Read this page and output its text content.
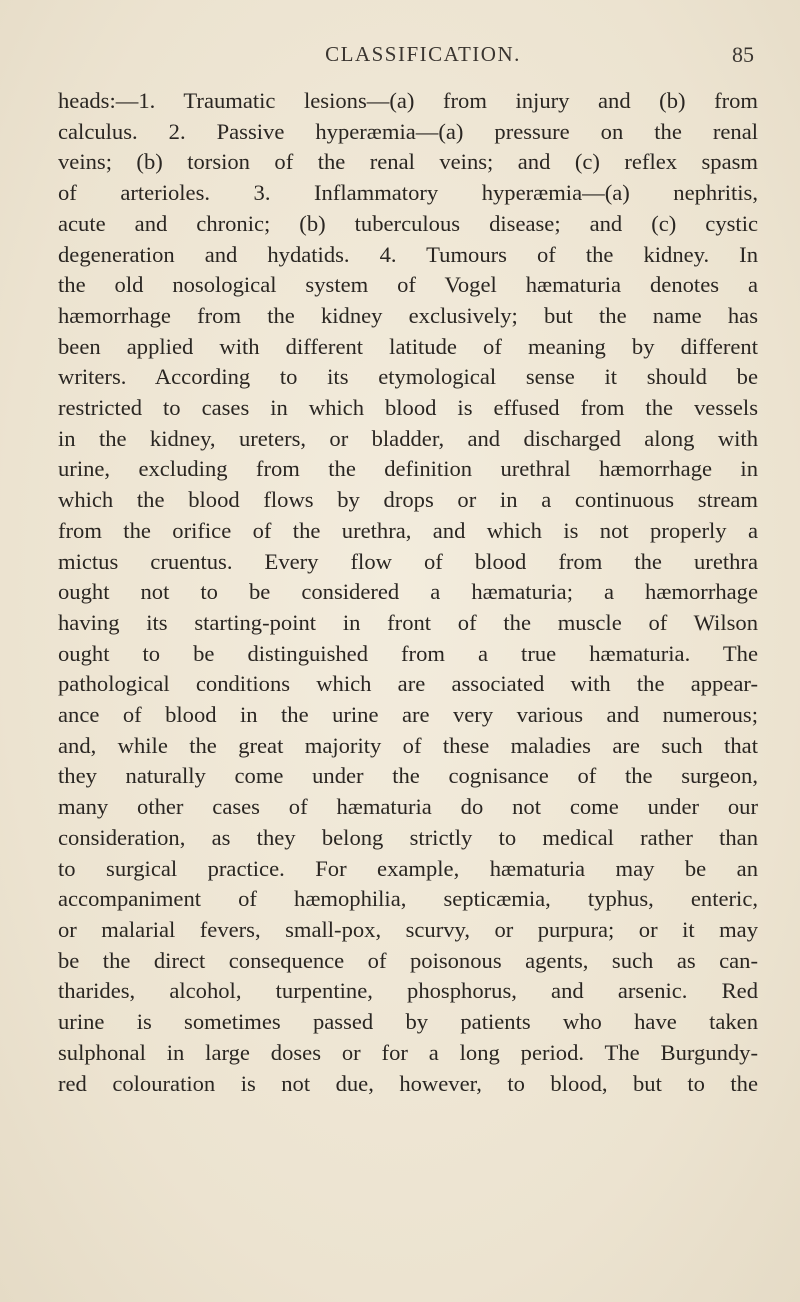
CLASSIFICATION.	85
heads:—1. Traumatic lesions—(a) from injury and (b) from
calculus. 2. Passive hyperæmia—(a) pressure on the renal
veins; (b) torsion of the renal veins; and (c) reflex spasm
of arterioles. 3. Inflammatory hyperæmia—(a) nephritis,
acute and chronic; (b) tuberculous disease; and (c) cystic
degeneration and hydatids. 4. Tumours of the kidney. In
the old nosological system of Vogel hæmaturia denotes a
hæmorrhage from the kidney exclusively; but the name has
been applied with different latitude of meaning by different
writers. According to its etymological sense it should be
restricted to cases in which blood is effused from the vessels
in the kidney, ureters, or bladder, and discharged along with
urine, excluding from the definition urethral hæmorrhage in
which the blood flows by drops or in a continuous stream
from the orifice of the urethra, and which is not properly a
mictus cruentus. Every flow of blood from the urethra
ought not to be considered a hæmaturia; a hæmorrhage
having its starting-point in front of the muscle of Wilson
ought to be distinguished from a true hæmaturia. The
pathological conditions which are associated with the appear-
ance of blood in the urine are very various and numerous;
and, while the great majority of these maladies are such that
they naturally come under the cognisance of the surgeon,
many other cases of hæmaturia do not come under our
consideration, as they belong strictly to medical rather than
to surgical practice. For example, hæmaturia may be an
accompaniment of hæmophilia, septicæmia, typhus, enteric,
or malarial fevers, small-pox, scurvy, or purpura; or it may
be the direct consequence of poisonous agents, such as can-
tharides, alcohol, turpentine, phosphorus, and arsenic. Red
urine is sometimes passed by patients who have taken
sulphonal in large doses or for a long period. The Burgundy-
red colouration is not due, however, to blood, but to the
